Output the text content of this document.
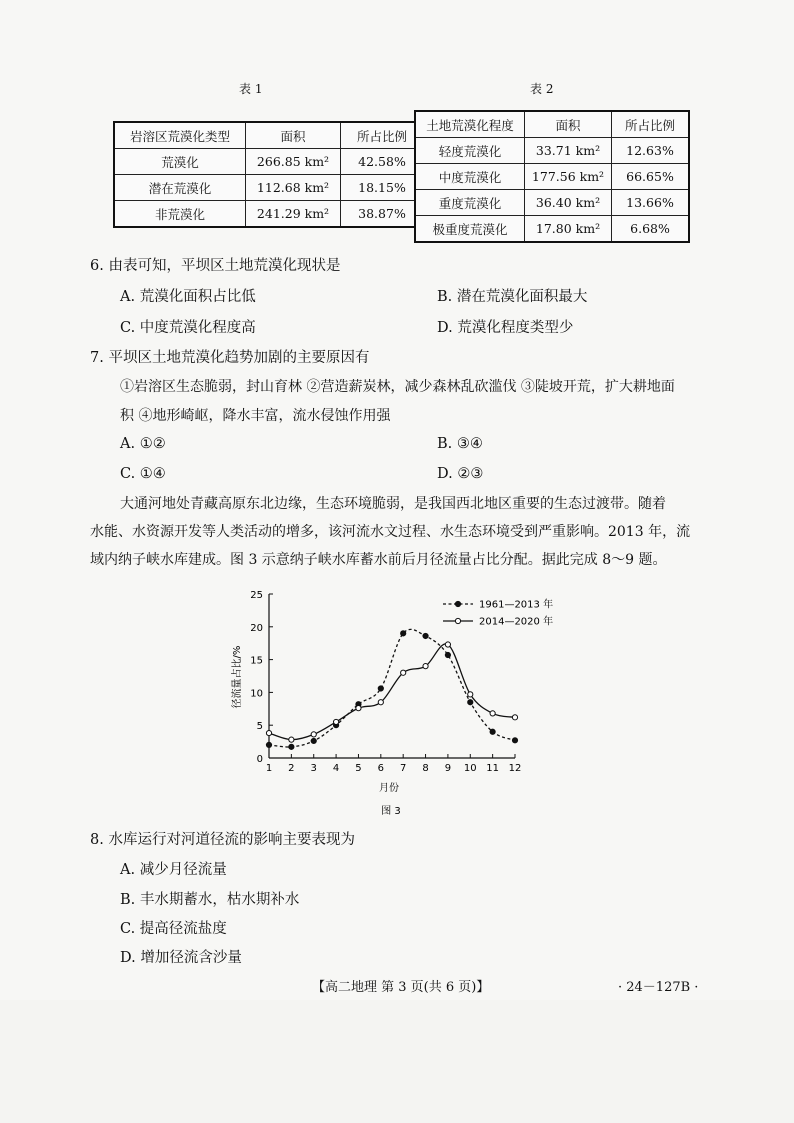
表 1
岩溶区荒漠化类型	面积	所占比例
荒漠化	266.85 km²	42.58%
潜在荒漠化	112.68 km²	18.15%
非荒漠化	241.29 km²	38.87%
表 2
土地荒漠化程度	面积	所占比例
轻度荒漠化	33.71 km²	12.63%
中度荒漠化	177.56 km²	66.65%
重度荒漠化	36.40 km²	13.66%
极重度荒漠化	17.80 km²	6.68%
6. 由表可知，平坝区土地荒漠化现状是
A. 荒漠化面积占比低	B. 潜在荒漠化面积最大
C. 中度荒漠化程度高	D. 荒漠化程度类型少
7. 平坝区土地荒漠化趋势加剧的主要原因有
①岩溶区生态脆弱，封山育林 ②营造薪炭林，减少森林乱砍滥伐 ③陡坡开荒，扩大耕地面
积 ④地形崎岖，降水丰富，流水侵蚀作用强
A. ①②	B. ③④
C. ①④	D. ②③
大通河地处青藏高原东北边缘，生态环境脆弱，是我国西北地区重要的生态过渡带。随着
水能、水资源开发等人类活动的增多，该河流水文过程、水生态环境受到严重影响。2013 年，流
域内纳子峡水库建成。图 3 示意纳子峡水库蓄水前后月径流量占比分配。据此完成 8～9 题。
0
5
10
15
20
25
1 2 3 4 5 6 7 8 9 10 11 12
1961—2013 年
2014—2020 年
径流量占比/%
月份
图 3
8. 水库运行对河道径流的影响主要表现为
A. 减少月径流量
B. 丰水期蓄水，枯水期补水
C. 提高径流盐度
D. 增加径流含沙量
【高二地理 第 3 页(共 6 页)】	· 24－127B ·
